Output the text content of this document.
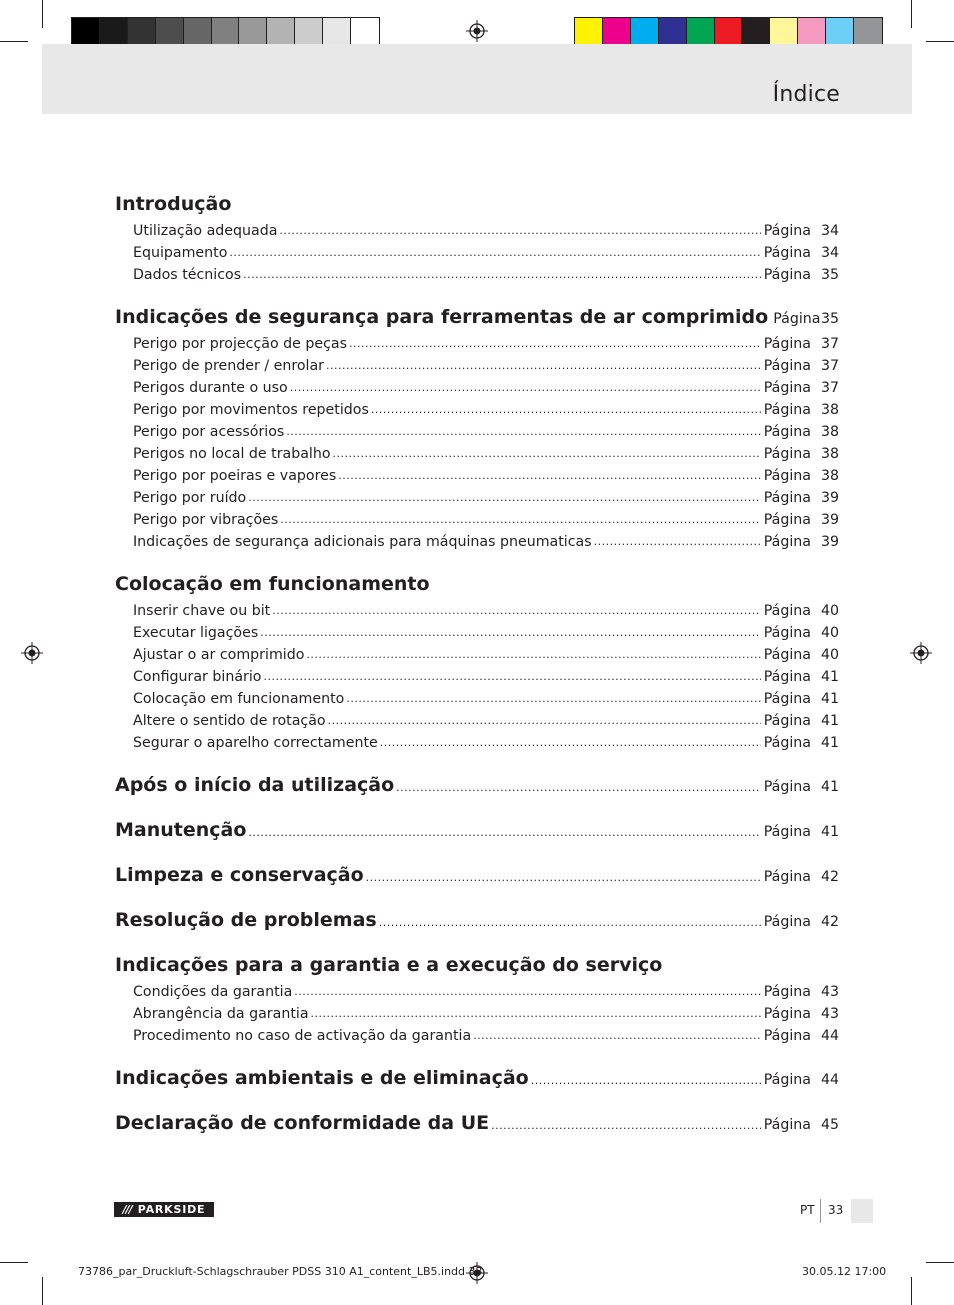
Índice
Introdução
Utilização adequada .....	Página 34
Equipamento .....	Página 34
Dados técnicos .....	Página 35
Indicações de segurança para ferramentas de ar comprimido Página 35
Perigo por projecção de peças .....	Página 37
Perigo de prender / enrolar .....	Página 37
Perigos durante o uso .....	Página 37
Perigo por movimentos repetidos .....	Página 38
Perigo por acessórios .....	Página 38
Perigos no local de trabalho .....	Página 38
Perigo por poeiras e vapores .....	Página 38
Perigo por ruído .....	Página 39
Perigo por vibrações .....	Página 39
Indicações de segurança adicionais para máquinas pneumaticas .....	Página 39
Colocação em funcionamento
Inserir chave ou bit .....	Página 40
Executar ligações .....	Página 40
Ajustar o ar comprimido .....	Página 40
Configurar binário .....	Página 41
Colocação em funcionamento .....	Página 41
Altere o sentido de rotação .....	Página 41
Segurar o aparelho correctamente .....	Página 41
Após o início da utilização .....	Página 41
Manutenção .....	Página 41
Limpeza e conservação .....	Página 42
Resolução de problemas .....	Página 42
Indicações para a garantia e a execução do serviço
Condições da garantia .....	Página 43
Abrangência da garantia .....	Página 43
Procedimento no caso de activação da garantia .....	Página 44
Indicações ambientais e de eliminação .....	Página 44
Declaração de conformidade da UE .....	Página 45
/// PARKSIDE	PT 33
73786_par_Druckluft-Schlagschrauber PDSS 310 A1_content_LB5.indd 33	30.05.12 17:00
